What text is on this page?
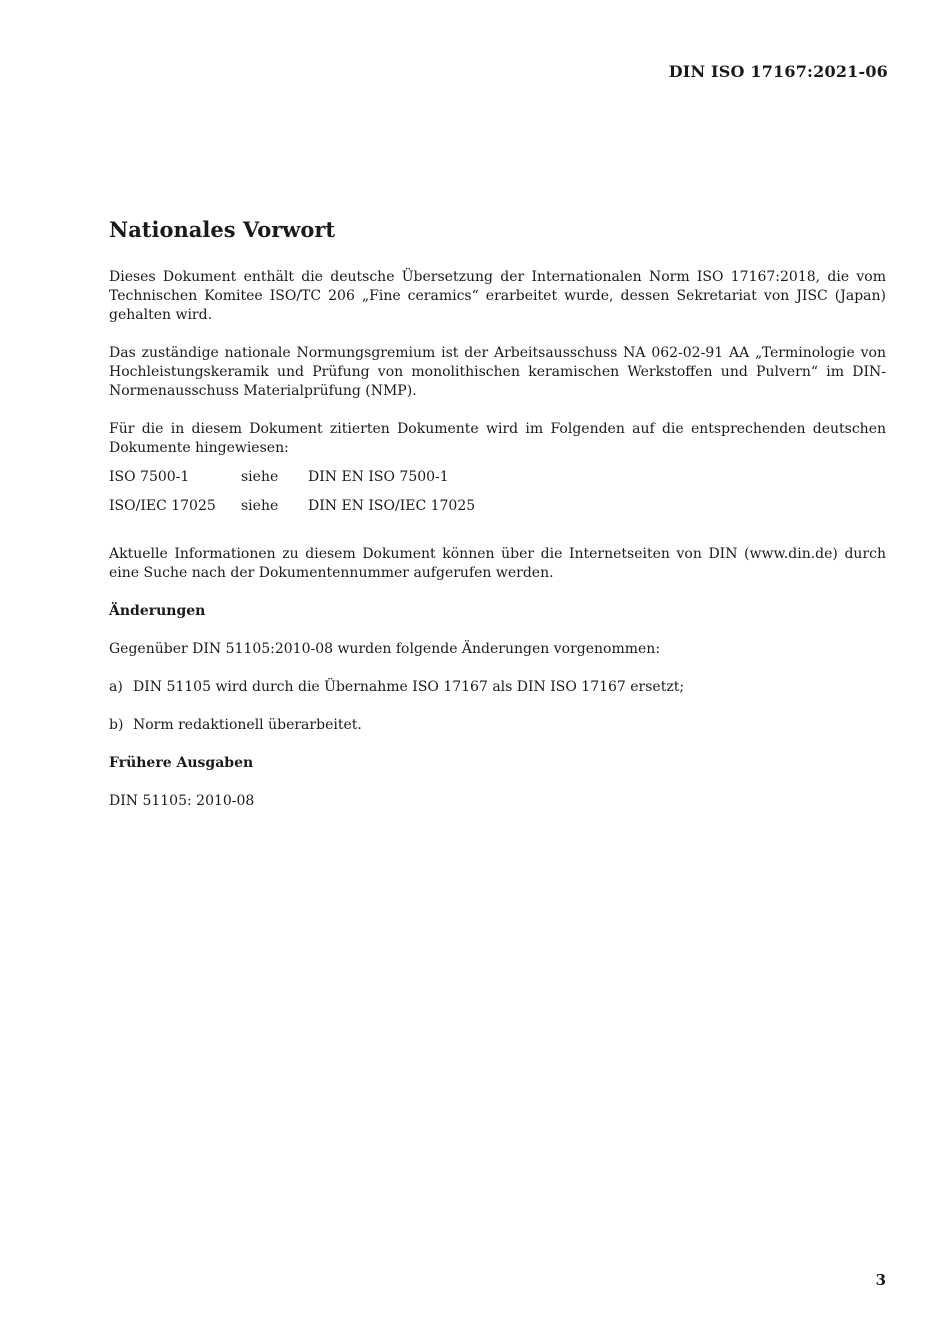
DIN ISO 17167:2021-06
Nationales Vorwort

Dieses Dokument enthält die deutsche Übersetzung der Internationalen Norm ISO 17167:2018, die vom Technischen Komitee ISO/TC 206 „Fine ceramics“ erarbeitet wurde, dessen Sekretariat von JISC (Japan) gehalten wird.

Das zuständige nationale Normungsgremium ist der Arbeitsausschuss NA 062-02-91 AA „Terminologie von Hochleistungskeramik und Prüfung von monolithischen keramischen Werkstoffen und Pulvern“ im DIN-Normenausschuss Materialprüfung (NMP).

Für die in diesem Dokument zitierten Dokumente wird im Folgenden auf die entsprechenden deutschen Dokumente hingewiesen:

ISO 7500-1	siehe	DIN EN ISO 7500-1
ISO/IEC 17025	siehe	DIN EN ISO/IEC 17025

Aktuelle Informationen zu diesem Dokument können über die Internetseiten von DIN (www.din.de) durch eine Suche nach der Dokumentennummer aufgerufen werden.

Änderungen

Gegenüber DIN 51105:2010-08 wurden folgende Änderungen vorgenommen:

a) DIN 51105 wird durch die Übernahme ISO 17167 als DIN ISO 17167 ersetzt;
b) Norm redaktionell überarbeitet.
Frühere Ausgaben

DIN 51105: 2010-08

3
